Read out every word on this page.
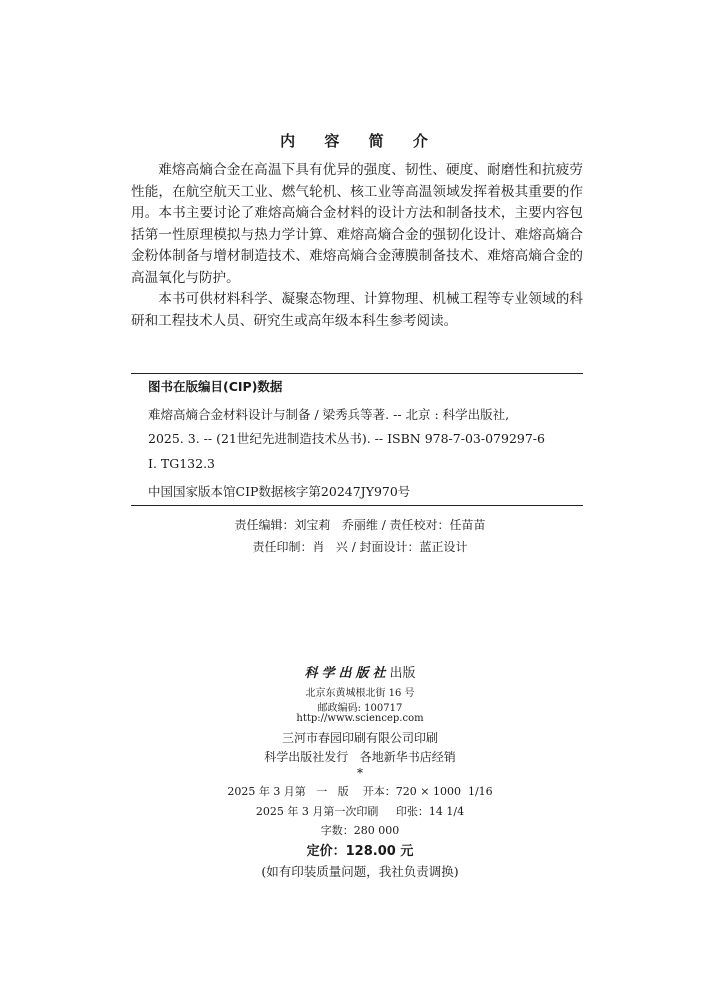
内 容 简 介

难熔高熵合金在高温下具有优异的强度、韧性、硬度、耐磨性和抗疲劳性能，在航空航天工业、燃气轮机、核工业等高温领域发挥着极其重要的作用。本书主要讨论了难熔高熵合金材料的设计方法和制备技术，主要内容包括第一性原理模拟与热力学计算、难熔高熵合金的强韧化设计、难熔高熵合金粉体制备与增材制造技术、难熔高熵合金薄膜制备技术、难熔高熵合金的高温氧化与防护。

本书可供材料科学、凝聚态物理、计算物理、机械工程等专业领域的科研和工程技术人员、研究生或高年级本科生参考阅读。

图书在版编目(CIP)数据
难熔高熵合金材料设计与制备 / 梁秀兵等著. -- 北京 : 科学出版社,
2025. 3. -- (21世纪先进制造技术丛书). -- ISBN 978-7-03-079297-6
Ⅰ. TG132.3
中国国家版本馆CIP数据核字第20247JY970号
责任编辑：刘宝莉   乔丽维 / 责任校对：任苗苗
责任印制：肖   兴 / 封面设计：蓝正设计
科学出版社出版
北京东黄城根北街 16 号
邮政编码: 100717
http://www.sciencep.com
三河市春园印刷有限公司印刷
科学出版社发行   各地新华书店经销
*
2025 年 3 月第   一   版    开本：720 × 1000  1/16
2025 年 3 月第一次印刷     印张：14 1/4
字数：280 000
定价：128.00 元
(如有印装质量问题，我社负责调换)
